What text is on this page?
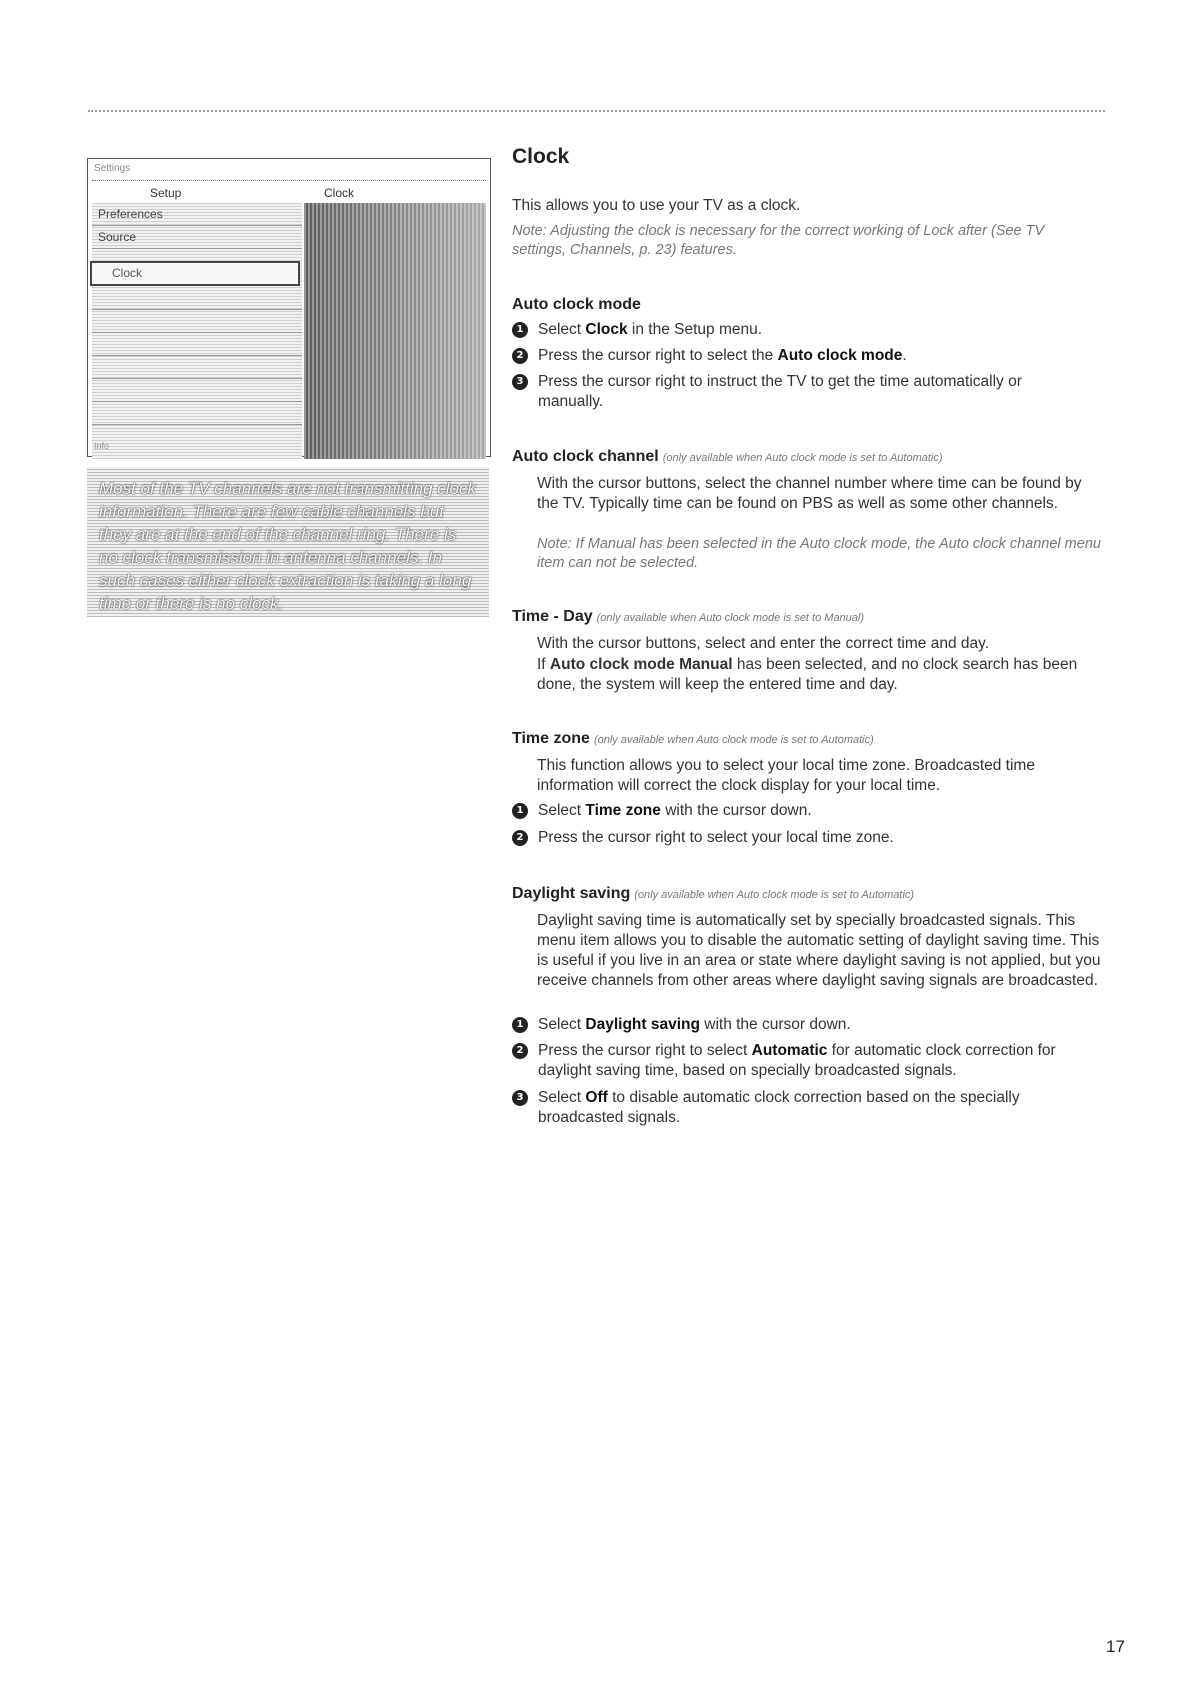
Settings
Setup	Clock
Preferences
Source
Clock
Info
Most of the TV channels are not transmitting clock information. There are few cable channels but they are at the end of the channel ring. There is no clock transmission in antenna channels. In such cases either clock extraction is taking a long time or there is no clock.
Clock
This allows you to use your TV as a clock.
Note: Adjusting the clock is necessary for the correct working of Lock after (See TV settings, Channels, p. 23) features.
Auto clock mode
1 Select Clock in the Setup menu.
2 Press the cursor right to select the Auto clock mode.
3 Press the cursor right to instruct the TV to get the time automatically or manually.
Auto clock channel (only available when Auto clock mode is set to Automatic)
With the cursor buttons, select the channel number where time can be found by the TV. Typically time can be found on PBS as well as some other channels.
Note: If Manual has been selected in the Auto clock mode, the Auto clock channel menu item can not be selected.
Time - Day (only available when Auto clock mode is set to Manual)
With the cursor buttons, select and enter the correct time and day.
If Auto clock mode Manual has been selected, and no clock search has been done, the system will keep the entered time and day.
Time zone (only available when Auto clock mode is set to Automatic)
This function allows you to select your local time zone. Broadcasted time information will correct the clock display for your local time.
1 Select Time zone with the cursor down.
2 Press the cursor right to select your local time zone.
Daylight saving (only available when Auto clock mode is set to Automatic)
Daylight saving time is automatically set by specially broadcasted signals. This menu item allows you to disable the automatic setting of daylight saving time. This is useful if you live in an area or state where daylight saving is not applied, but you receive channels from other areas where daylight saving signals are broadcasted.
1 Select Daylight saving with the cursor down.
2 Press the cursor right to select Automatic for automatic clock correction for daylight saving time, based on specially broadcasted signals.
3 Select Off to disable automatic clock correction based on the specially broadcasted signals.
17
